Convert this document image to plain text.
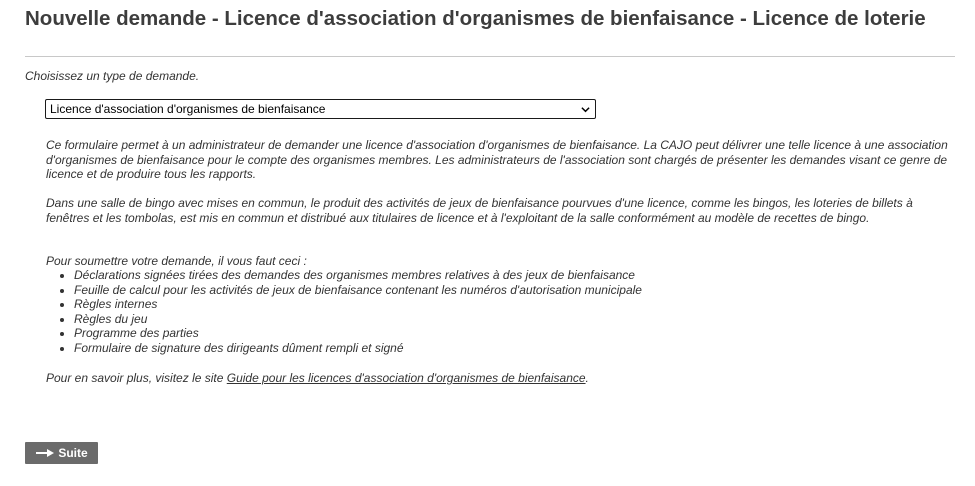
Nouvelle demande - Licence d'association d'organismes de bienfaisance - Licence de loterie

Choisissez un type de demande.

Licence d'association d'organismes de bienfaisance

Ce formulaire permet à un administrateur de demander une licence d'association d'organismes de bienfaisance. La CAJO peut délivrer une telle licence à une association d'organismes de bienfaisance pour le compte des organismes membres. Les administrateurs de l'association sont chargés de présenter les demandes visant ce genre de licence et de produire tous les rapports.

Dans une salle de bingo avec mises en commun, le produit des activités de jeux de bienfaisance pourvues d'une licence, comme les bingos, les loteries de billets à fenêtres et les tombolas, est mis en commun et distribué aux titulaires de licence et à l'exploitant de la salle conformément au modèle de recettes de bingo.

Pour soumettre votre demande, il vous faut ceci :

• Déclarations signées tirées des demandes des organismes membres relatives à des jeux de bienfaisance
• Feuille de calcul pour les activités de jeux de bienfaisance contenant les numéros d'autorisation municipale
• Règles internes
• Règles du jeu
• Programme des parties
• Formulaire de signature des dirigeants dûment rempli et signé

Pour en savoir plus, visitez le site Guide pour les licences d'association d'organismes de bienfaisance.

Suite
